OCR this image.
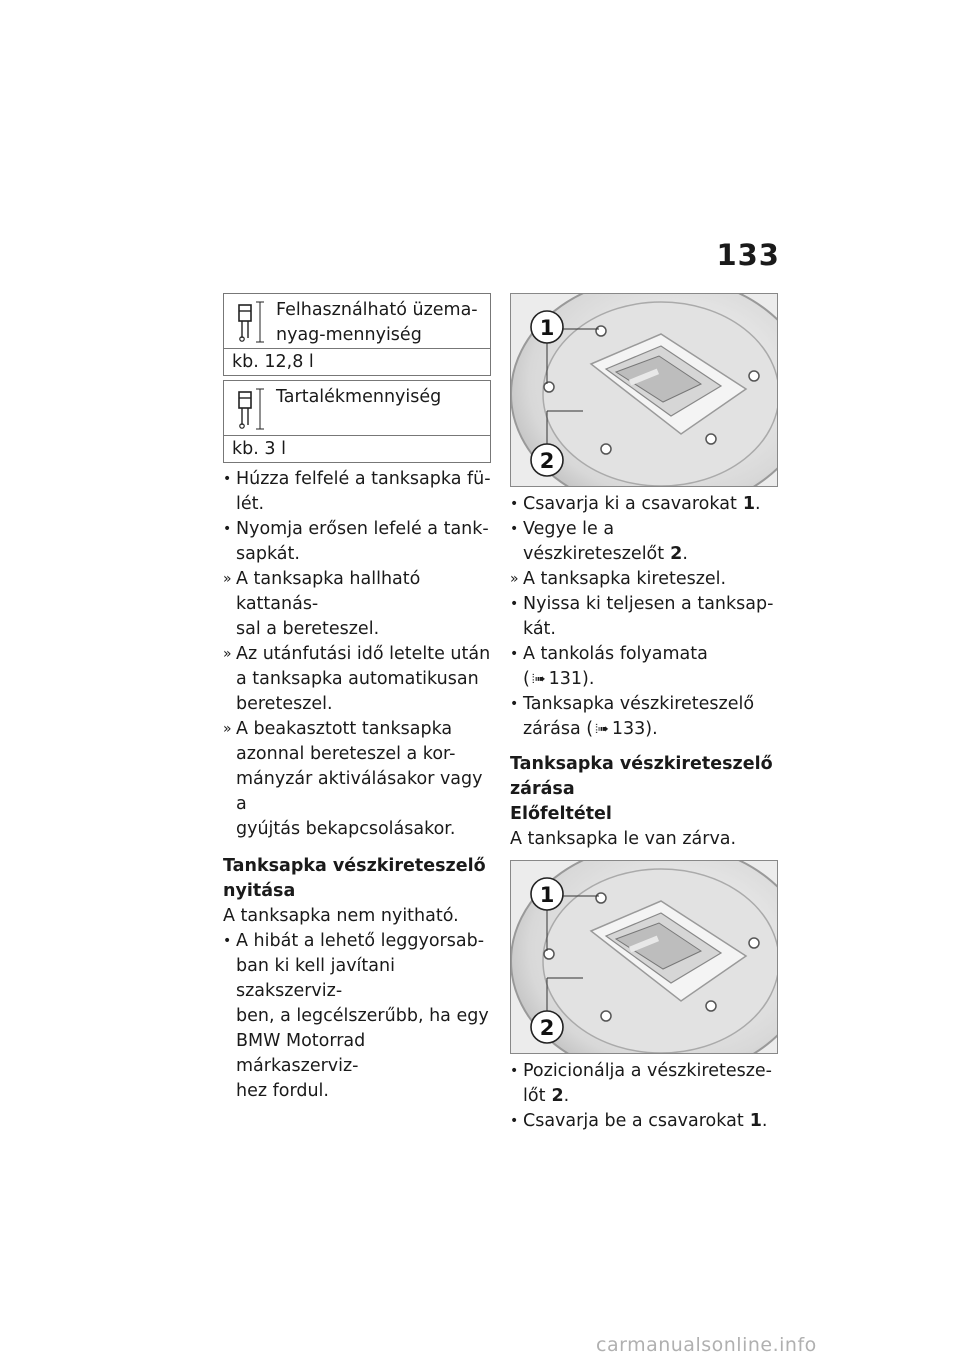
133
Felhasználható üzema-
nyag-mennyiség
kb. 12,8 l
Tartalékmennyiség
kb. 3 l
• Húzza felfelé a tanksapka fü-
lét.
• Nyomja erősen lefelé a tank-
sapkát.
» A tanksapka hallható kattanás-
sal a bereteszel.
» Az utánfutási idő letelte után
a tanksapka automatikusan
bereteszel.
» A beakasztott tanksapka
azonnal bereteszel a kor-
mányzár aktiválásakor vagy a
gyújtás bekapcsolásakor.
Tanksapka vészkireteszelő
nyitása

A tanksapka nem nyitható.

• A hibát a lehető leggyorsab-
ban ki kell javítani szakszerviz-
ben, a legcélszerűbb, ha egy
BMW Motorrad márkaszerviz-
hez fordul.
1
2
• Csavarja ki a csavarokat 1.
• Vegye le a vészkireteszelőt 2.
» A tanksapka kireteszel.
• Nyissa ki teljesen a tanksap-
kát.
• A tankolás folyamata
( ⦙➠ 131).
• Tanksapka vészkireteszelő
zárása ( ⦙➠ 133).
Tanksapka vészkireteszelő
zárása
Előfeltétel

A tanksapka le van zárva.

1
2
• Pozicionálja a vészkiretesze-
lőt 2.
• Csavarja be a csavarokat 1.
carmanualsonline.info
